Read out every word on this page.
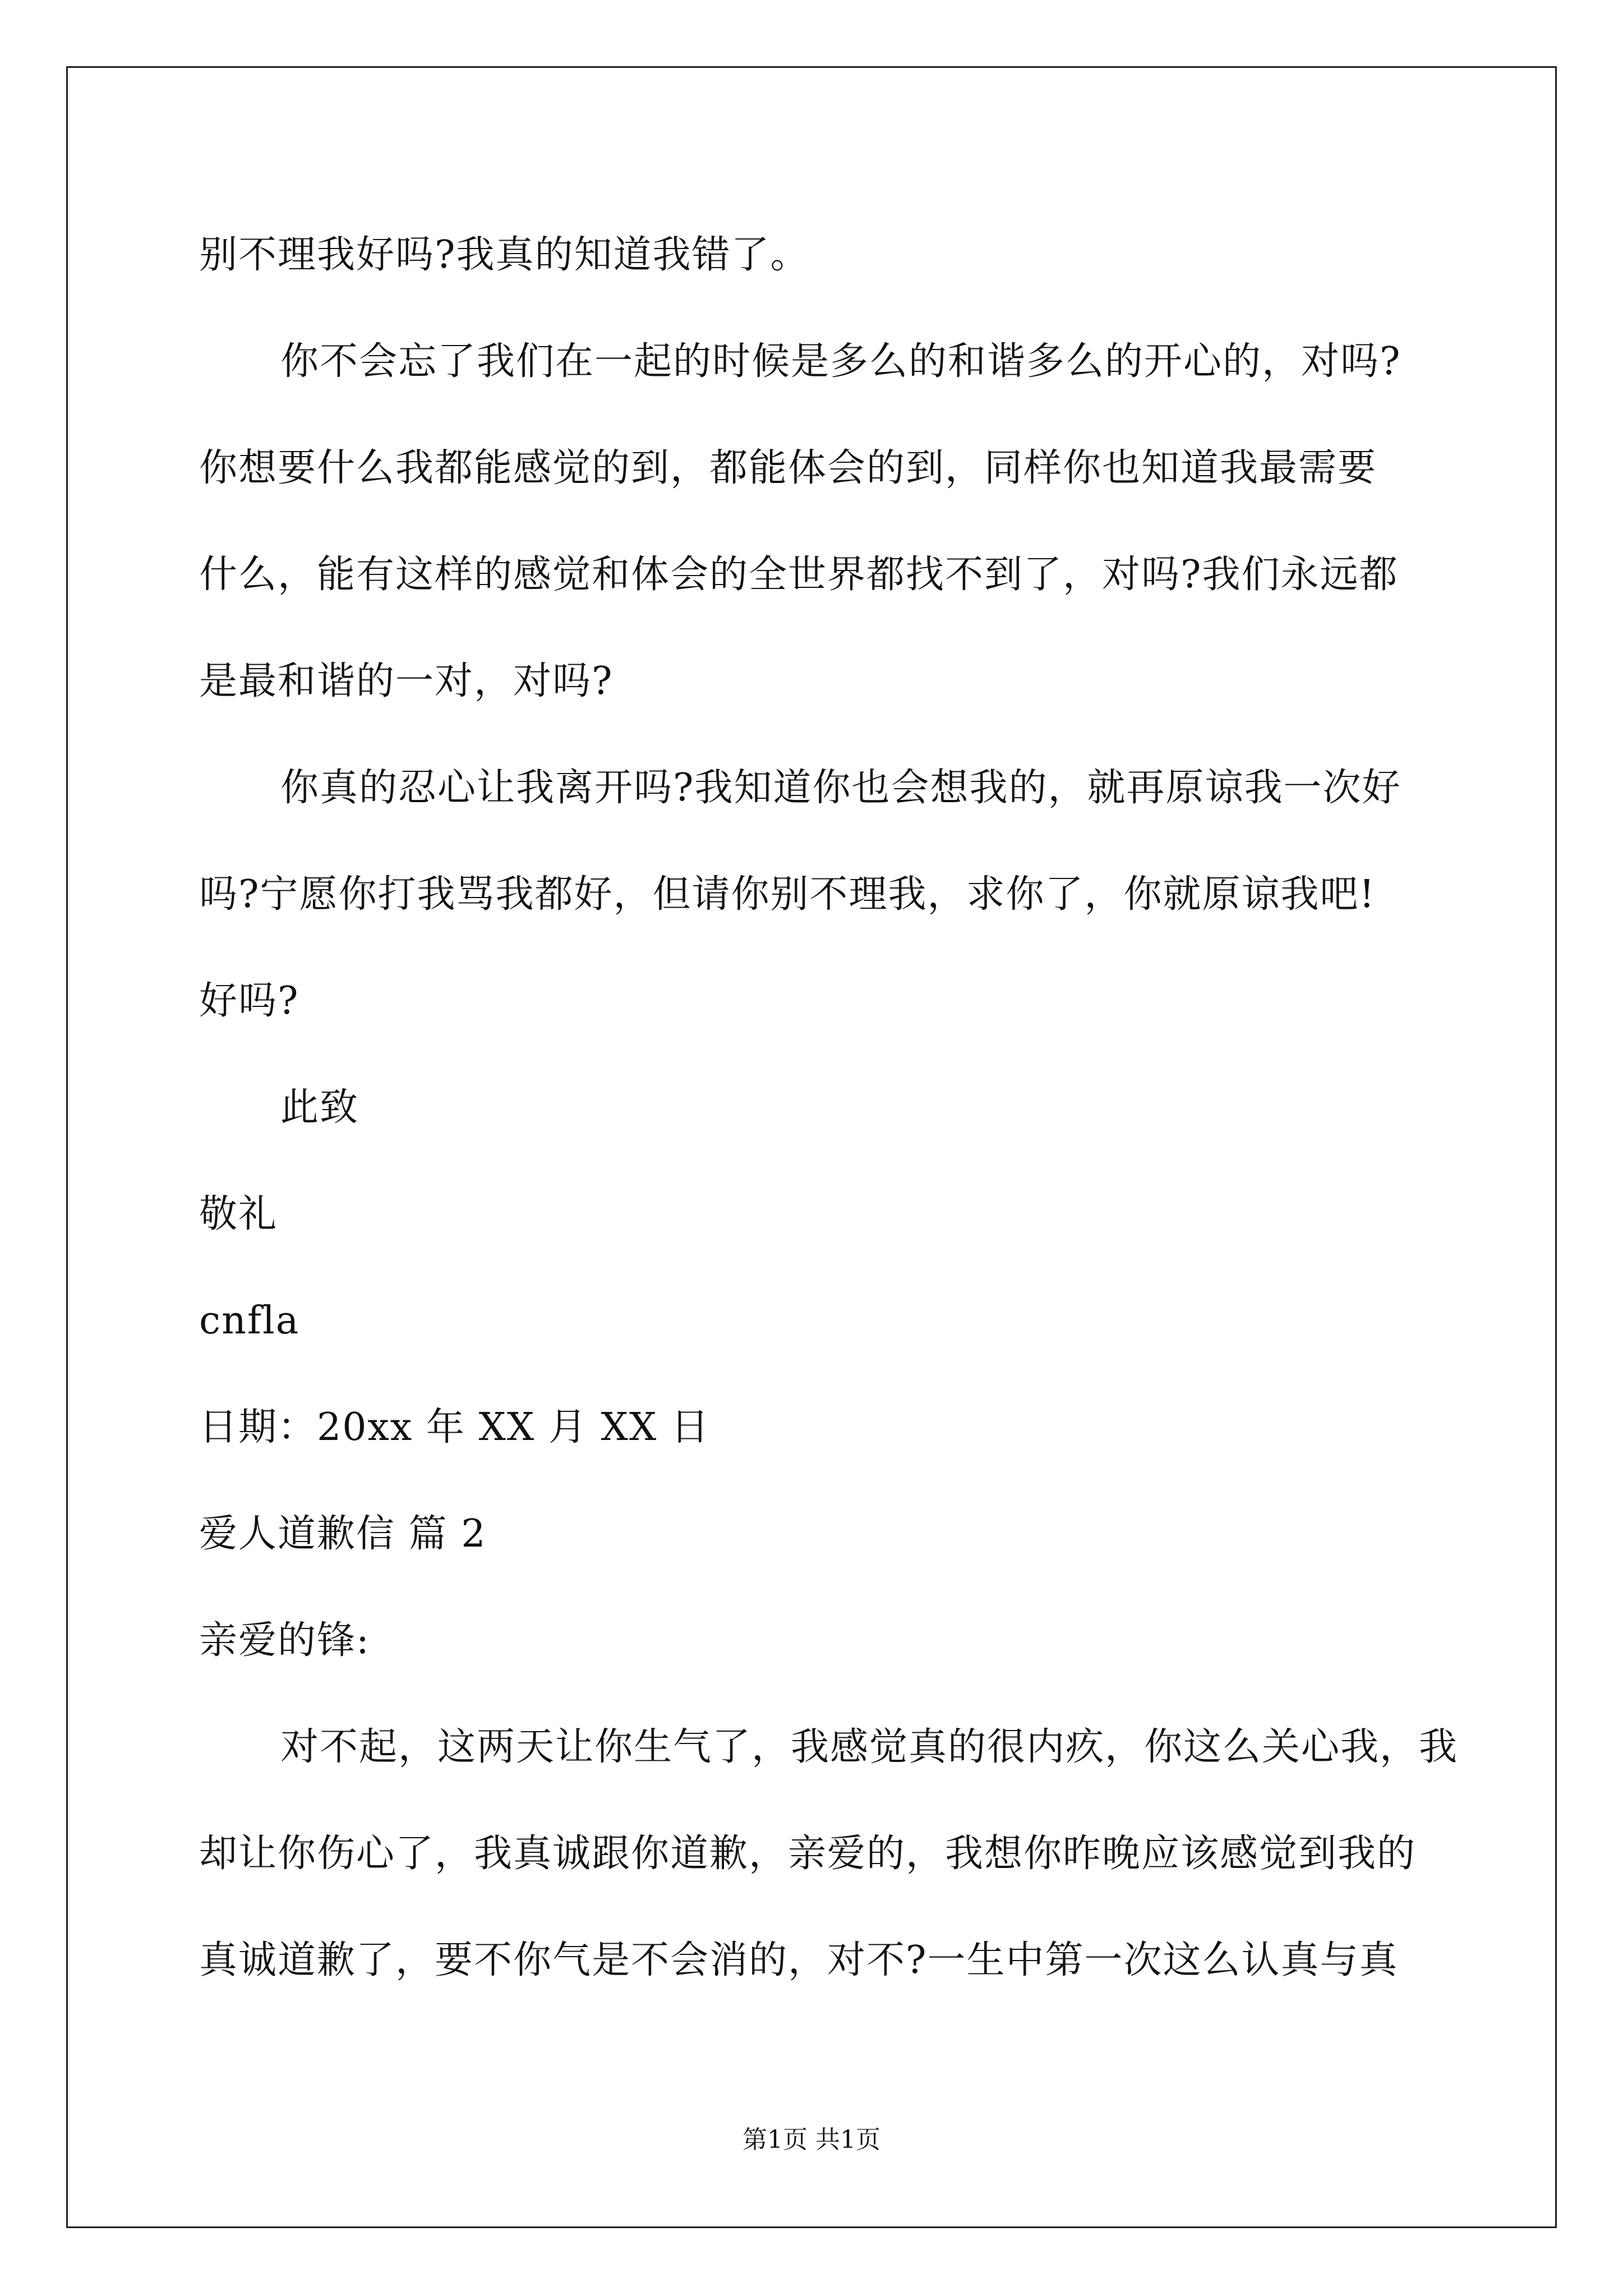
别不理我好吗?我真的知道我错了。
你不会忘了我们在一起的时候是多么的和谐多么的开心的，对吗?
你想要什么我都能感觉的到，都能体会的到，同样你也知道我最需要
什么，能有这样的感觉和体会的全世界都找不到了，对吗?我们永远都
是最和谐的一对，对吗?
你真的忍心让我离开吗?我知道你也会想我的，就再原谅我一次好
吗?宁愿你打我骂我都好，但请你别不理我，求你了，你就原谅我吧!
好吗?
此致
敬礼
cnfla
日期：20xx 年 XX 月 XX 日
爱人道歉信 篇 2
亲爱的锋:
对不起，这两天让你生气了，我感觉真的很内疚，你这么关心我，我
却让你伤心了，我真诚跟你道歉，亲爱的，我想你昨晚应该感觉到我的
真诚道歉了，要不你气是不会消的，对不?一生中第一次这么认真与真
第1页 共1页
